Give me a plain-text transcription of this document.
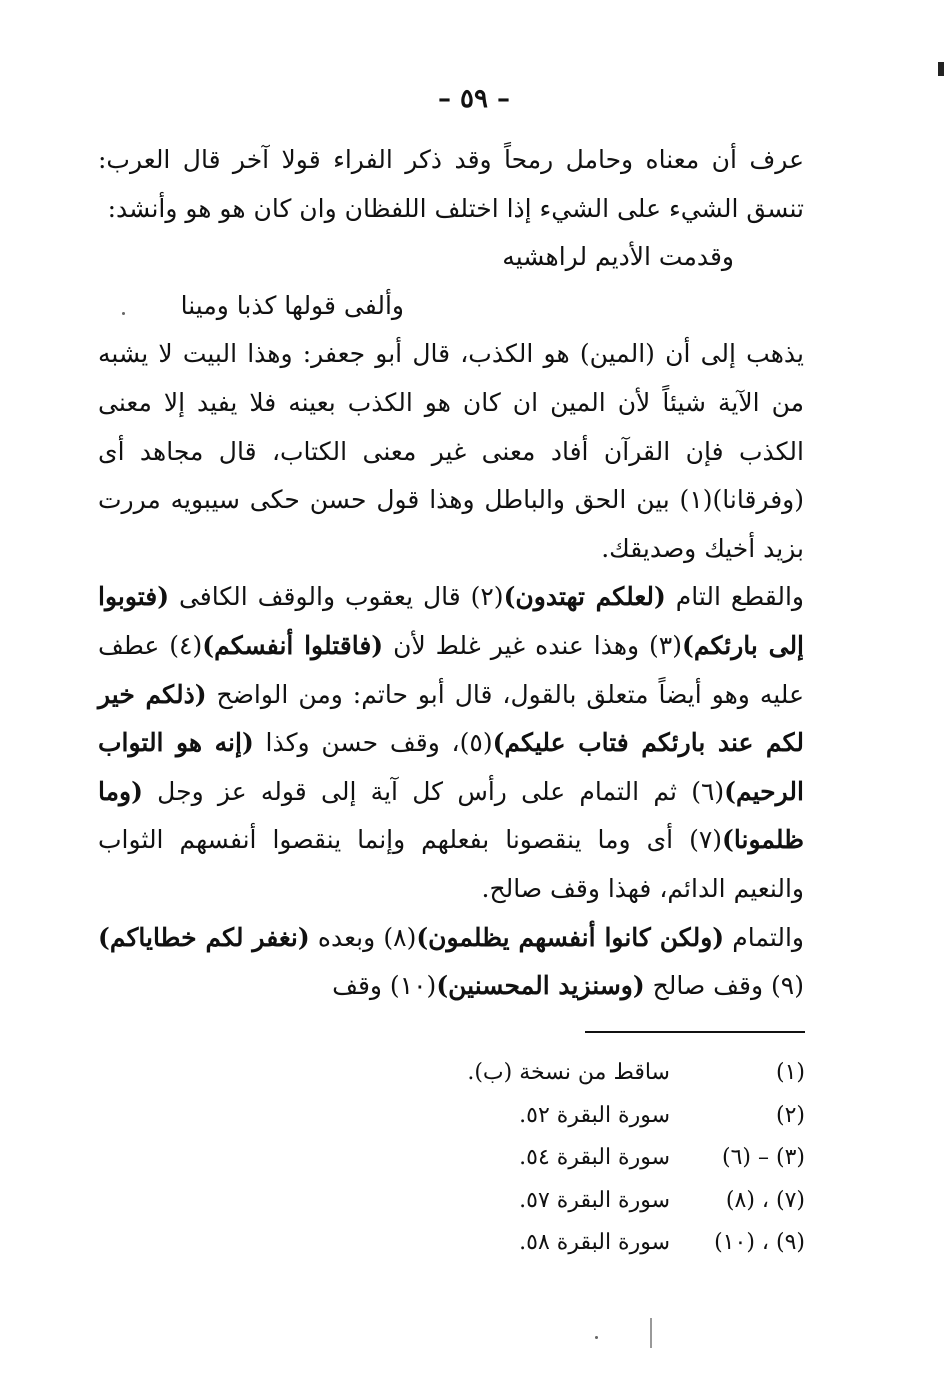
– ٥٩ –

عرف أن معناه وحامل رمحاً وقد ذكر الفراء قولا آخر قال العرب: تنسق الشيء على الشيء إذا اختلف اللفظان وان كان هو هو وأنشد:

وقدمت الأديم لراهشيه

وألفى قولها كذبا ومينا

يذهب إلى أن (المين) هو الكذب، قال أبو جعفر: وهذا البيت لا يشبه من الآية شيئاً لأن المين ان كان هو الكذب بعينه فلا يفيد إلا معنى الكذب فإن القرآن أفاد معنى غير معنى الكتاب، قال مجاهد أى (وفرقانا)(١) بين الحق والباطل وهذا قول حسن حكى سيبويه مررت بزيد أخيك وصديقك.

والقطع التام (لعلكم تهتدون)(٢) قال يعقوب والوقف الكافى (فتوبوا إلى بارئكم)(٣) وهذا عنده غير غلط لأن (فاقتلوا أنفسكم)(٤) عطف عليه وهو أيضاً متعلق بالقول، قال أبو حاتم: ومن الواضح (ذلكم خير لكم عند بارئكم فتاب عليكم)(٥)، وقف حسن وكذا (إنه هو التواب الرحيم)(٦) ثم التمام على رأس كل آية إلى قوله عز وجل (وما ظلمونا)(٧) أى وما ينقصونا بفعلهم وإنما ينقصوا أنفسهم الثواب والنعيم الدائم، فهذا وقف صالح.

والتمام (ولكن كانوا أنفسهم يظلمون)(٨) وبعده (نغفر لكم خطاياكم)(٩) وقف صالح (وسنزيد المحسنين)(١٠) وقف

(١)
ساقط من نسخة (ب).
(٢)
سورة البقرة ٥٢.
(٣) – (٦)
سورة البقرة ٥٤.
(٧) ، (٨)
سورة البقرة ٥٧.
(٩) ، (١٠)
سورة البقرة ٥٨.
